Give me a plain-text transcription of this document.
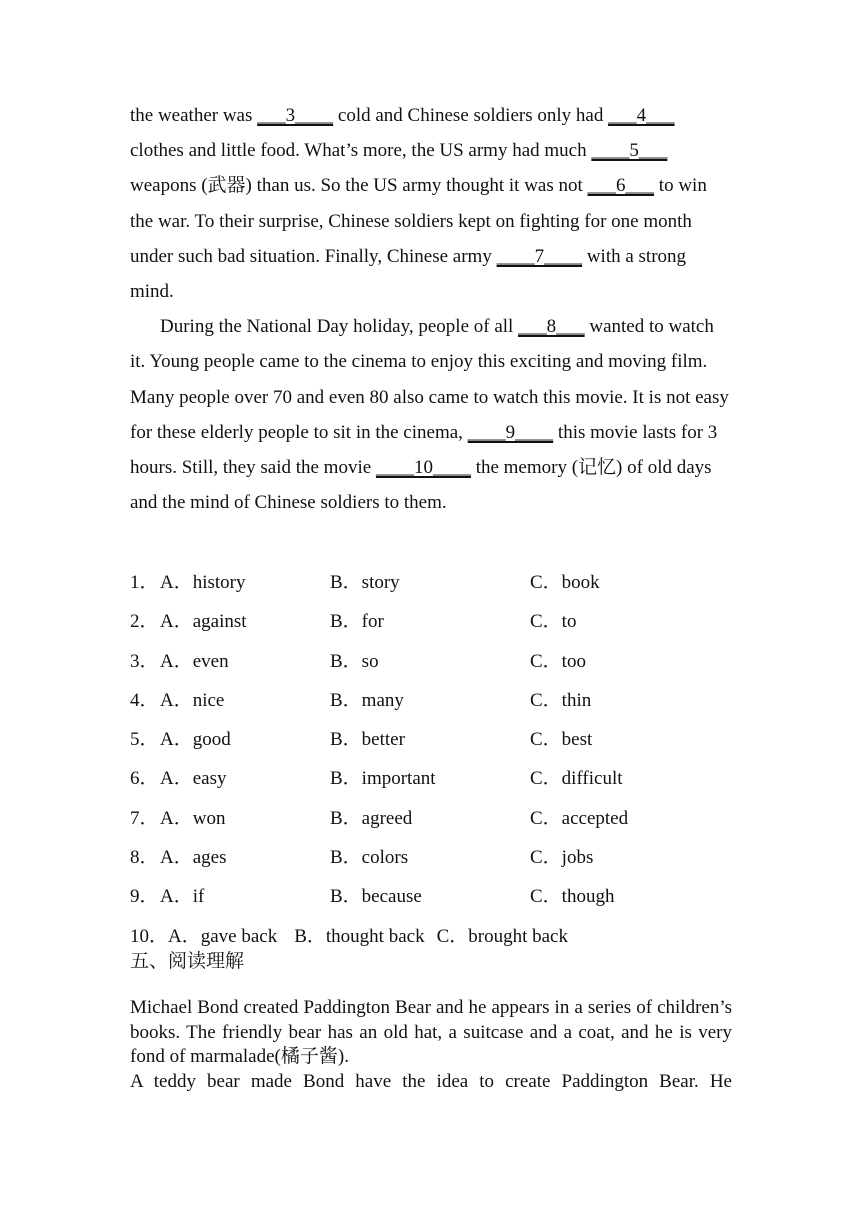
the weather was ___3____ cold and Chinese soldiers only had ___4___ clothes and little food. What’s more, the US army had much ____5___ weapons (武器) than us. So the US army thought it was not ___6___ to win the war. To their surprise, Chinese soldiers kept on fighting for one month under such bad situation. Finally, Chinese army ____7____ with a strong mind.

During the National Day holiday, people of all ___8___ wanted to watch it. Young people came to the cinema to enjoy this exciting and moving film. Many people over 70 and even 80 also came to watch this movie. It is not easy for these elderly people to sit in the cinema, ____9____ this movie lasts for 3 hours. Still, they said the movie ____10____ the memory (记忆) of old days and the mind of Chinese soldiers to them.

1． A．history	B．story	C．book
2． A．against	B．for	C．to
3． A．even	B．so	C．too
4． A．nice	B．many	C．thin
5． A．good	B．better	C．best
6． A．easy	B．important	C．difficult
7． A．won	B．agreed	C．accepted
8． A．ages	B．colors	C．jobs
9． A．if	B．because	C．though
10．A．gave back B．thought back C．brought back
五、阅读理解

Michael Bond created Paddington Bear and he appears in a series of children’s books. The friendly bear has an old hat, a suitcase and a coat, and he is very fond of marmalade(橘子酱).

A teddy bear made Bond have the idea to create Paddington Bear. He
